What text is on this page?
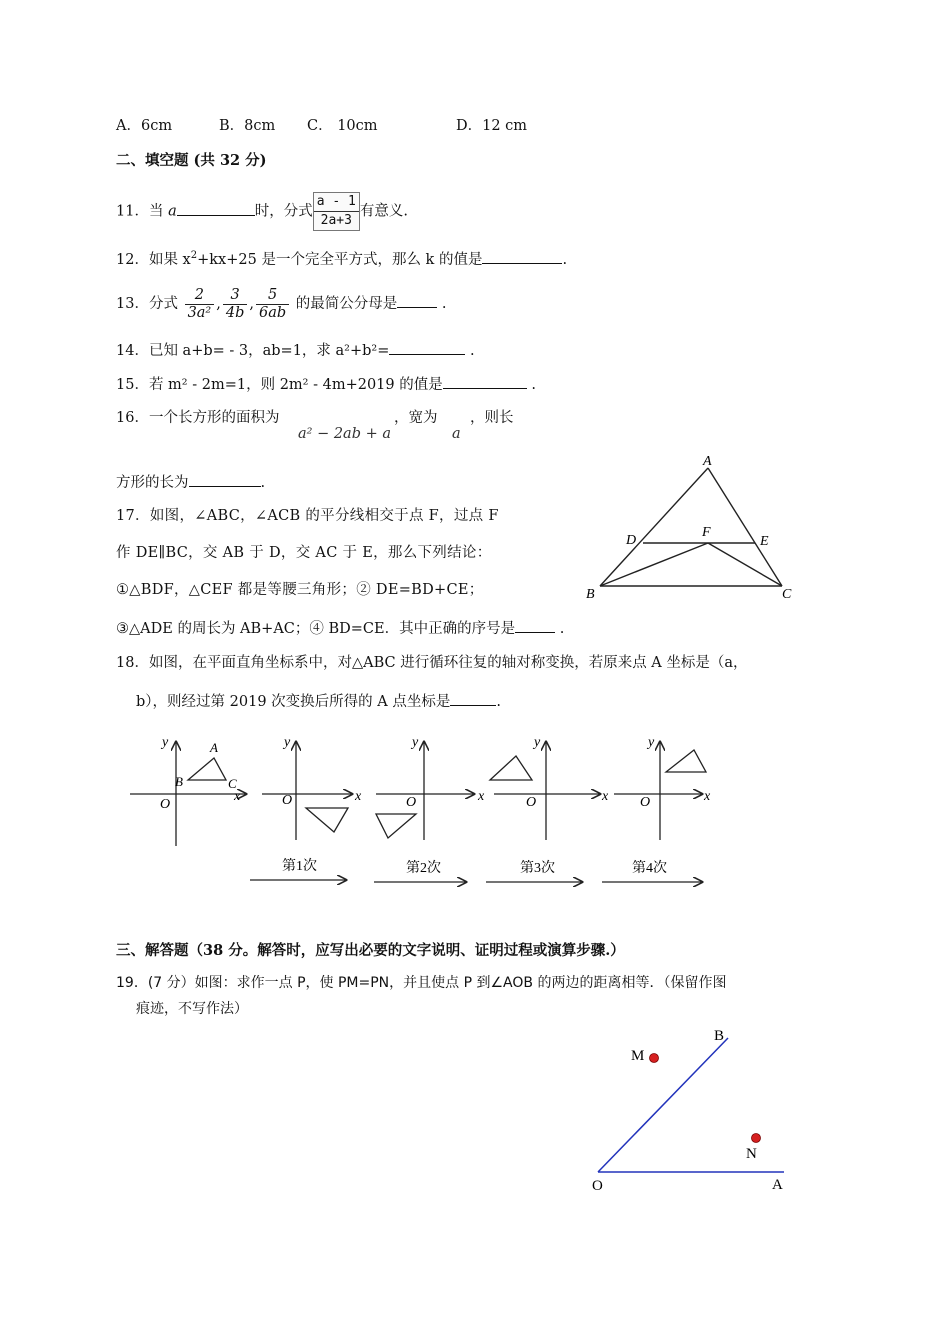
A．6cm	B．8cm C． 10cm	D．12 cm
二、填空题 (共 32 分)
11．当 a	时，分式 $\frac{a - 1}{2a+3}$ 有意义.
12．如果 $x^2+kx+25$ 是一个完全平方式，那么 k 的值是	.
13．分式 $\frac{2}{\text{3a²}}$ , $\frac{3}{4b}$ , $\frac{5}{6ab}$ 的最简公分母是	.
14．已知 a+b= - 3，ab=1，求 a²+b²=	.
15．若 m² - 2m=1，则 2m² - 4m+2019 的值是	.
16．一个长方形的面积为
a² − 2ab + a
，宽为
a
，则长
方形的长为	.
A
B	C
D	E
F
17．如图，∠ABC，∠ACB 的平分线相交于点 F，过点 F
作 DE∥BC，交 AB 于 D，交 AC 于 E，那么下列结论：
①△BDF，△CEF 都是等腰三角形；② DE=BD+CE；
③△ADE 的周长为 AB+AC；④ BD=CE．其中正确的序号是	.
18．如图，在平面直角坐标系中，对△ABC 进行循环往复的轴对称变换，若原来点 A 坐标是（a，
b），则经过第 2019 次变换后所得的 A 点坐标是	.
x
y
O
A
B	C
x
y
O	x
y
O	x
y
O	x
y
O
第1次	第2次	第3次	第4次
三、解答题（38 分。解答时，应写出必要的文字说明、证明过程或演算步骤.）
19．(7 分）如图：求作一点 P，使 PM=PN，并且使点 P 到∠AOB 的两边的距离相等．（保留作图
痕迹，不写作法）
O	A
B
M
N
